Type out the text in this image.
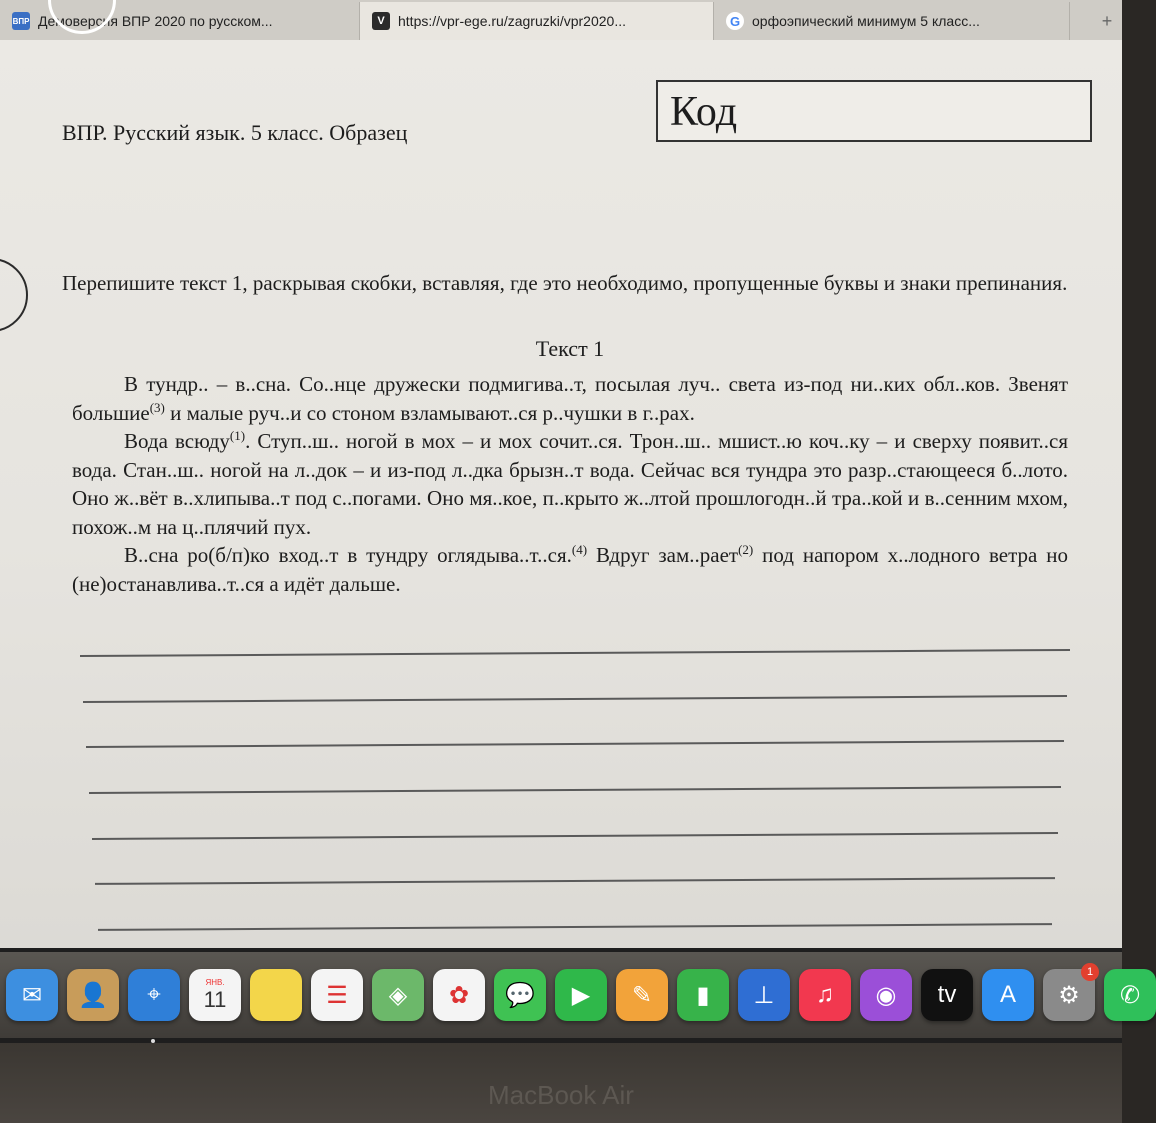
ВПР Демоверсия ВПР 2020 по русском...	V https://vpr-ege.ru/zagruzki/vpr2020...	G орфоэпический минимум 5 класс...	+
ВПР. Русский язык. 5 класс. Образец	Код
Перепишите текст 1, раскрывая скобки, вставляя, где это необходимо, пропущенные буквы и знаки препинания.
Текст 1

В тундр.. – в..сна. Со..нце дружески подмигива..т, посылая луч.. света из-под ни..ких обл..ков. Звенят большие$^{(3)}$ и малые руч..и со стоном взламывают..ся р..чушки в г..рах.

Вода всюду$^{(1)}$. Ступ..ш.. ногой в мох – и мох сочит..ся. Трон..ш.. мшист..ю коч..ку – и сверху появит..ся вода. Стан..ш.. ногой на л..док – и из-под л..дка брызн..т вода. Сейчас вся тундра это разр..стающееся б..лото. Оно ж..вёт в..хлипыва..т под с..погами. Оно мя..кое, п..крыто ж..лтой прошлогодн..й тра..кой и в..сенним мхом, похож..м на ц..плячий пух.

В..сна ро(б/п)ко вход..т в тундру оглядыва..т..ся.$^{(4)}$ Вдруг зам..рает$^{(2)}$ под напором х..лодного ветра но (не)останавлива..т..ся а идёт дальше.

✉	👤	⌖	ЯНВ.
11	☰	◈	✿	💬	▶	✎	▮	⊥	♫	◉	tv	A	⚙
1
✆
MacBook Air
